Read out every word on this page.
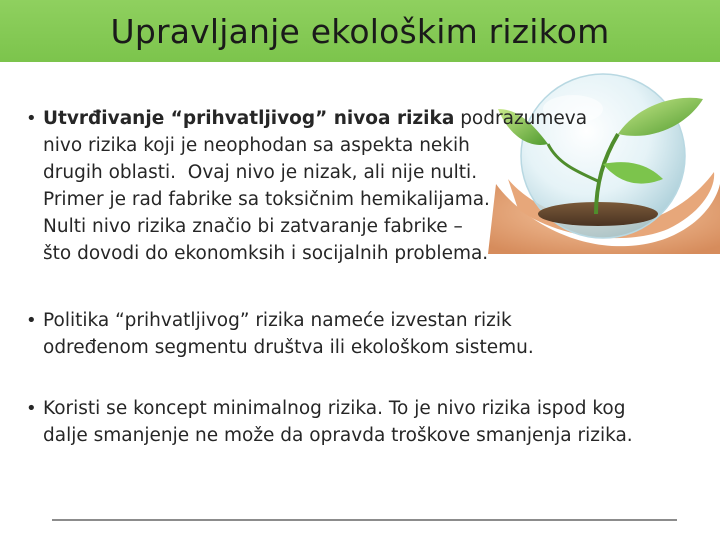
Upravljanje ekološkim rizikom
• Utvrđivanje “prihvatljivog” nivoa rizika podrazumeva
nivo rizika koji je neophodan sa aspekta nekih
drugih oblasti.  Ovaj nivo je nizak, ali nije nulti.
Primer je rad fabrike sa toksičnim hemikalijama.
Nulti nivo rizika značio bi zatvaranje fabrike –
što dovodi do ekonomksih i socijalnih problema.
• Politika “prihvatljivog” rizika nameće izvestan rizik
određenom segmentu društva ili ekološkom sistemu.
• Koristi se koncept minimalnog rizika. To je nivo rizika ispod kog
dalje smanjenje ne može da opravda troškove smanjenja rizika.
